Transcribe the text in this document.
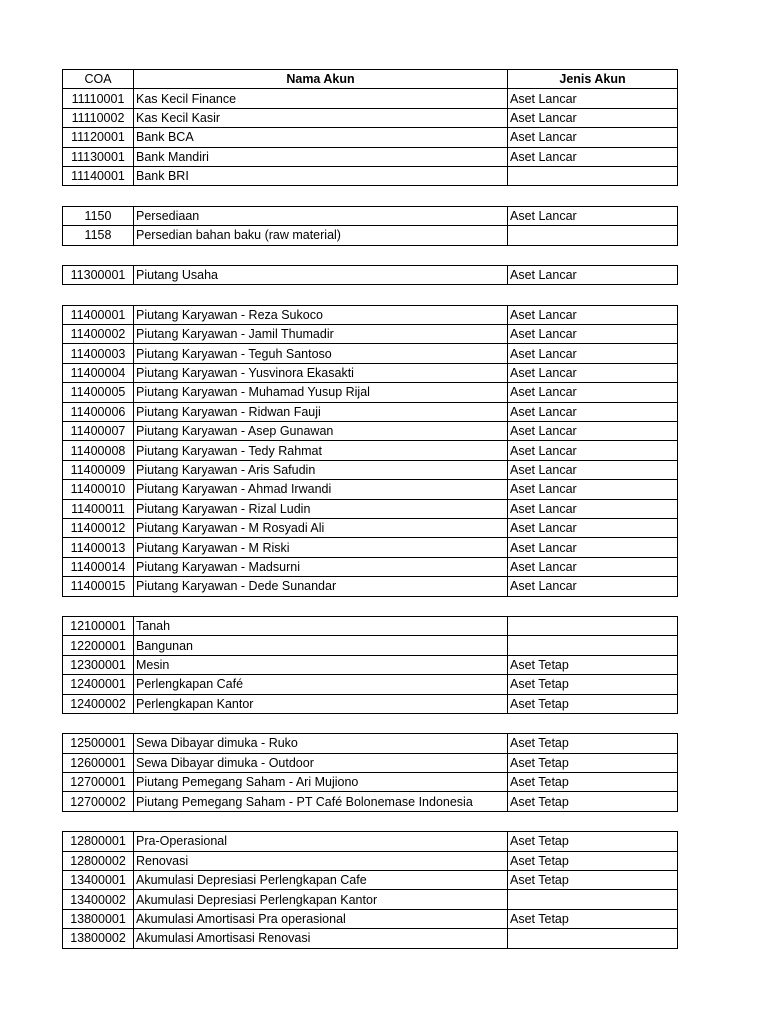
COA	Nama Akun	Jenis Akun
11110001	Kas Kecil Finance	Aset Lancar
11110002	Kas Kecil Kasir	Aset Lancar
11120001	Bank BCA	Aset Lancar
11130001	Bank Mandiri	Aset Lancar
11140001	Bank BRI	
1150	Persediaan	Aset Lancar
1158	Persedian bahan baku (raw material)	
11300001	Piutang Usaha	Aset Lancar
11400001	Piutang Karyawan - Reza Sukoco	Aset Lancar
11400002	Piutang Karyawan - Jamil Thumadir	Aset Lancar
11400003	Piutang Karyawan - Teguh Santoso	Aset Lancar
11400004	Piutang Karyawan - Yusvinora Ekasakti	Aset Lancar
11400005	Piutang Karyawan - Muhamad Yusup Rijal	Aset Lancar
11400006	Piutang Karyawan - Ridwan Fauji	Aset Lancar
11400007	Piutang Karyawan - Asep Gunawan	Aset Lancar
11400008	Piutang Karyawan - Tedy Rahmat	Aset Lancar
11400009	Piutang Karyawan - Aris Safudin	Aset Lancar
11400010	Piutang Karyawan - Ahmad Irwandi	Aset Lancar
11400011	Piutang Karyawan - Rizal Ludin	Aset Lancar
11400012	Piutang Karyawan - M Rosyadi Ali	Aset Lancar
11400013	Piutang Karyawan - M Riski	Aset Lancar
11400014	Piutang Karyawan - Madsurni	Aset Lancar
11400015	Piutang Karyawan - Dede Sunandar	Aset Lancar
12100001	Tanah	
12200001	Bangunan	
12300001	Mesin	Aset Tetap
12400001	Perlengkapan Café	Aset Tetap
12400002	Perlengkapan Kantor	Aset Tetap
12500001	Sewa Dibayar dimuka - Ruko	Aset Tetap
12600001	Sewa Dibayar dimuka - Outdoor	Aset Tetap
12700001	Piutang Pemegang Saham - Ari Mujiono	Aset Tetap
12700002	Piutang Pemegang Saham - PT Café Bolonemase Indonesia	Aset Tetap
12800001	Pra-Operasional	Aset Tetap
12800002	Renovasi	Aset Tetap
13400001	Akumulasi Depresiasi Perlengkapan Cafe	Aset Tetap
13400002	Akumulasi Depresiasi Perlengkapan Kantor	
13800001	Akumulasi Amortisasi Pra operasional	Aset Tetap
13800002	Akumulasi Amortisasi Renovasi	
